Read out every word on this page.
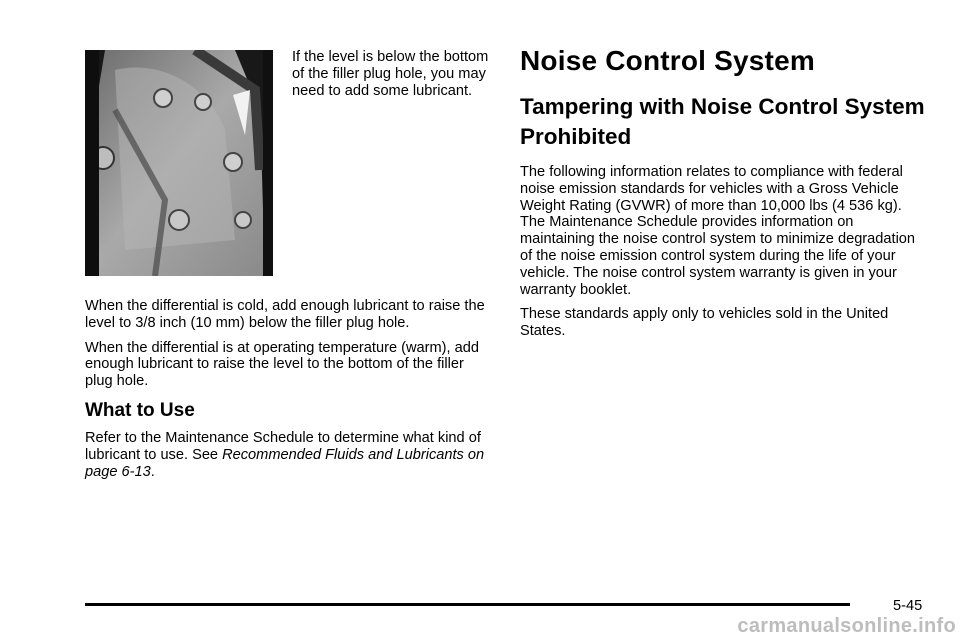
If the level is below the bottom of the filler plug hole, you may need to add some lubricant.

When the differential is cold, add enough lubricant to raise the level to 3/8 inch (10 mm) below the filler plug hole.

When the differential is at operating temperature (warm), add enough lubricant to raise the level to the bottom of the filler plug hole.

What to Use

Refer to the Maintenance Schedule to determine what kind of lubricant to use. See Recommended Fluids and Lubricants on page 6-13.

Noise Control System
Tampering with Noise Control System Prohibited

The following information relates to compliance with federal noise emission standards for vehicles with a Gross Vehicle Weight Rating (GVWR) of more than 10,000 lbs (4 536 kg). The Maintenance Schedule provides information on maintaining the noise control system to minimize degradation of the noise emission control system during the life of your vehicle. The noise control system warranty is given in your warranty booklet.

These standards apply only to vehicles sold in the United States.

5-45
carmanualsonline.info
